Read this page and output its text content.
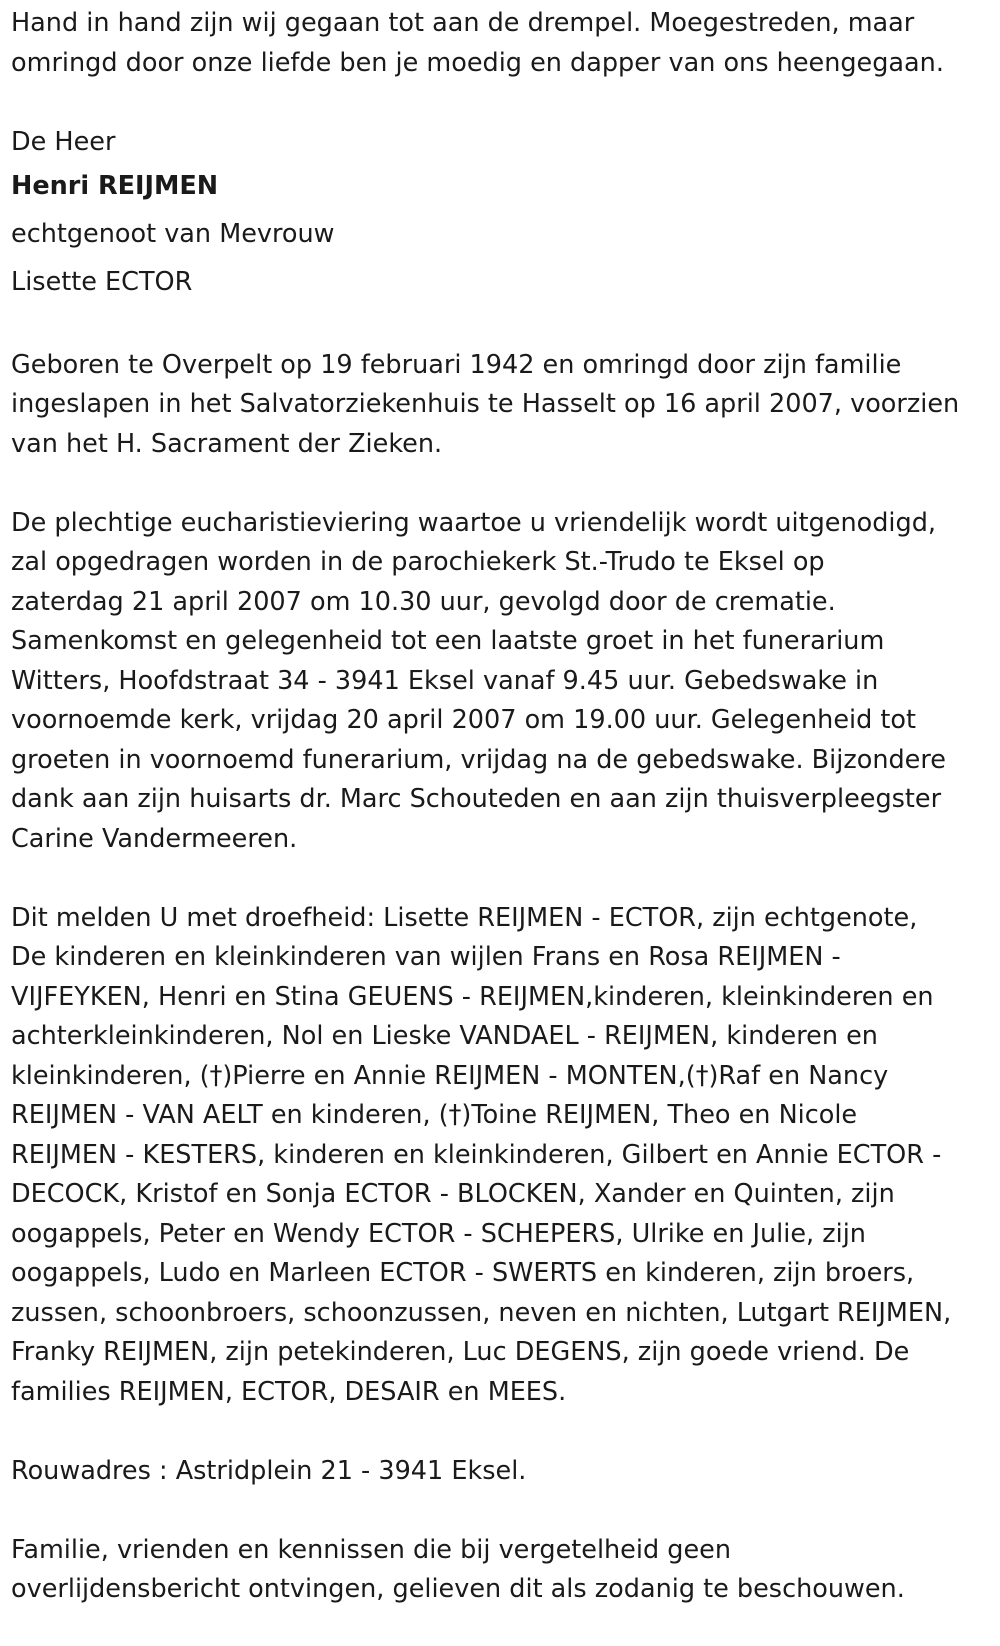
Hand in hand zijn wij gegaan tot aan de drempel. Moegestreden, maar
omringd door onze liefde ben je moedig en dapper van ons heengegaan.
De Heer
Henri REIJMEN
echtgenoot van Mevrouw
Lisette ECTOR
Geboren te Overpelt op 19 februari 1942 en omringd door zijn familie
ingeslapen in het Salvatorziekenhuis te Hasselt op 16 april 2007, voorzien
van het H. Sacrament der Zieken.
De plechtige eucharistieviering waartoe u vriendelijk wordt uitgenodigd,
zal opgedragen worden in de parochiekerk St.-Trudo te Eksel op
zaterdag 21 april 2007 om 10.30 uur, gevolgd door de crematie.
Samenkomst en gelegenheid tot een laatste groet in het funerarium
Witters, Hoofdstraat 34 - 3941 Eksel vanaf 9.45 uur. Gebedswake in
voornoemde kerk, vrijdag 20 april 2007 om 19.00 uur. Gelegenheid tot
groeten in voornoemd funerarium, vrijdag na de gebedswake. Bijzondere
dank aan zijn huisarts dr. Marc Schouteden en aan zijn thuisverpleegster
Carine Vandermeeren.
Dit melden U met droefheid: Lisette REIJMEN - ECTOR, zijn echtgenote,
De kinderen en kleinkinderen van wijlen Frans en Rosa REIJMEN -
VIJFEYKEN, Henri en Stina GEUENS - REIJMEN,kinderen, kleinkinderen en
achterkleinkinderen, Nol en Lieske VANDAEL - REIJMEN, kinderen en
kleinkinderen, (†)Pierre en Annie REIJMEN - MONTEN,(†)Raf en Nancy
REIJMEN - VAN AELT en kinderen, (†)Toine REIJMEN, Theo en Nicole
REIJMEN - KESTERS, kinderen en kleinkinderen, Gilbert en Annie ECTOR -
DECOCK, Kristof en Sonja ECTOR - BLOCKEN, Xander en Quinten, zijn
oogappels, Peter en Wendy ECTOR - SCHEPERS, Ulrike en Julie, zijn
oogappels, Ludo en Marleen ECTOR - SWERTS en kinderen, zijn broers,
zussen, schoonbroers, schoonzussen, neven en nichten, Lutgart REIJMEN,
Franky REIJMEN, zijn petekinderen, Luc DEGENS, zijn goede vriend. De
families REIJMEN, ECTOR, DESAIR en MEES.
Rouwadres : Astridplein 21 - 3941 Eksel.
Familie, vrienden en kennissen die bij vergetelheid geen
overlijdensbericht ontvingen, gelieven dit als zodanig te beschouwen.
